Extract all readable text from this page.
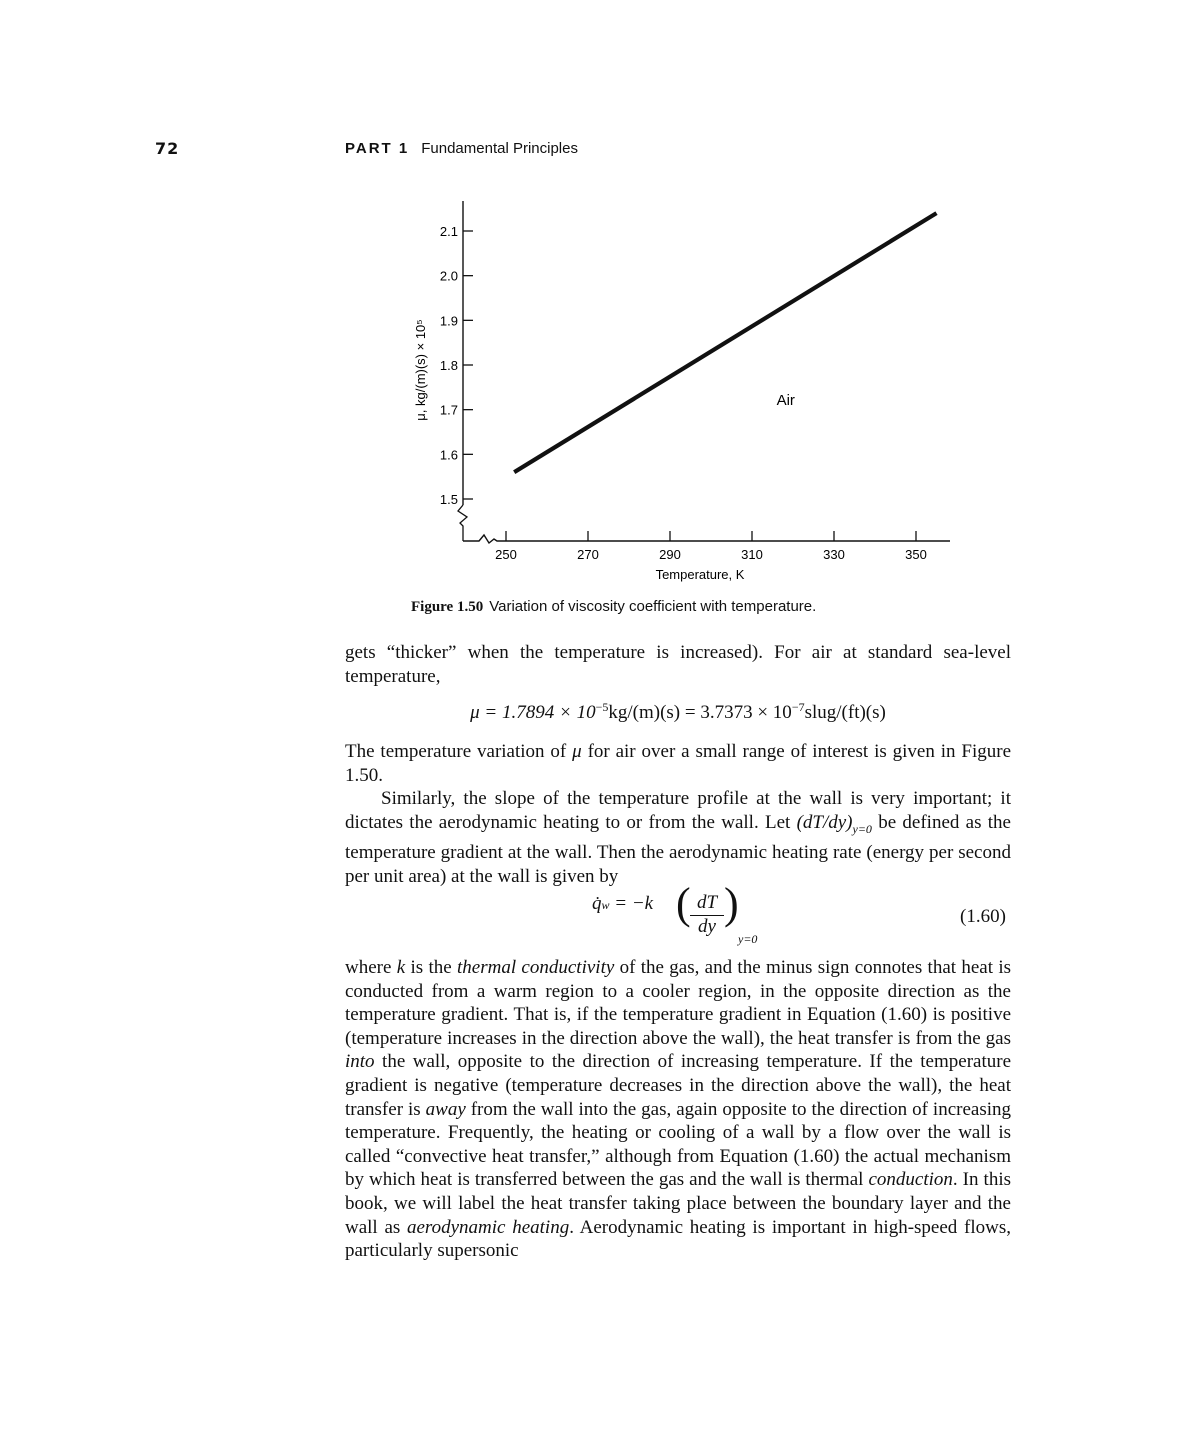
72	PART 1 Fundamental Principles
1.5
1.6
1.7
1.8
1.9
2.0
2.1
250	270	290	310	330	350
Air
μ, kg/(m)(s) × 10⁵
Temperature, K
Figure 1.50 Variation of viscosity coefficient with temperature.
gets “thicker” when the temperature is increased). For air at standard sea-level temperature,
$\mu = 1.7894 \times 10^{-5}kg/(m)(s) = 3.7373$ × $10^{-7}slug/(ft)(s)$
The temperature variation of μ for air over a small range of interest is given in Figure 1.50.
Similarly, the slope of the temperature profile at the wall is very important; it dictates the aerodynamic heating to or from the wall. Let $(dT/dy)_{y=0}$ be defined as the temperature gradient at the wall. Then the aerodynamic heating rate (energy per second per unit area) at the wall is given by
q̇w = −k ( $\frac{dT}{dy}$ )
y=0
(1.60)
where k is the thermal conductivity of the gas, and the minus sign connotes that heat is conducted from a warm region to a cooler region, in the opposite direction as the temperature gradient. That is, if the temperature gradient in Equation (1.60) is positive (temperature increases in the direction above the wall), the heat transfer is from the gas into the wall, opposite to the direction of increasing temperature. If the temperature gradient is negative (temperature decreases in the direction above the wall), the heat transfer is away from the wall into the gas, again opposite to the direction of increasing temperature. Frequently, the heating or cooling of a wall by a flow over the wall is called “convective heat transfer,” although from Equation (1.60) the actual mechanism by which heat is transferred between the gas and the wall is thermal conduction. In this book, we will label the heat transfer taking place between the boundary layer and the wall as aerodynamic heating. Aerodynamic heating is important in high-speed flows, particularly supersonic
